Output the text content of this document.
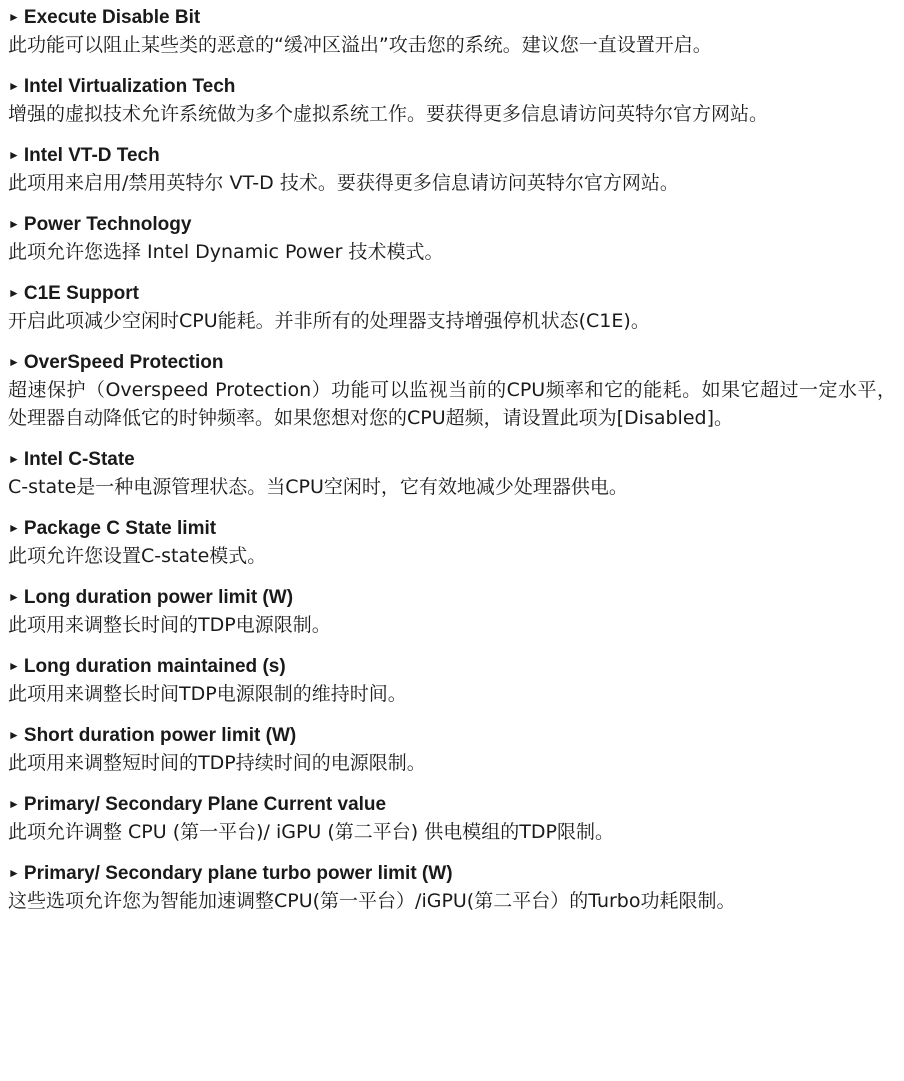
► Execute Disable Bit

此功能可以阻止某些类的恶意的“缓冲区溢出”攻击您的系统。建议您一直设置开启。

► Intel Virtualization Tech

增强的虚拟技术允许系统做为多个虚拟系统工作。要获得更多信息请访问英特尔官方网站。

► Intel VT-D Tech

此项用来启用/禁用英特尔 VT-D 技术。要获得更多信息请访问英特尔官方网站。

► Power Technology

此项允许您选择 Intel Dynamic Power 技术模式。

► C1E Support

开启此项减少空闲时CPU能耗。并非所有的处理器支持增强停机状态(C1E)。

► OverSpeed Protection

超速保护（Overspeed Protection）功能可以监视当前的CPU频率和它的能耗。如果它超过一定水平，处理器自动降低它的时钟频率。如果您想对您的CPU超频，请设置此项为[Disabled]。

► Intel C-State

C-state是一种电源管理状态。当CPU空闲时，它有效地减少处理器供电。

► Package C State limit

此项允许您设置C-state模式。

► Long duration power limit (W)

此项用来调整长时间的TDP电源限制。

► Long duration maintained (s)

此项用来调整长时间TDP电源限制的维持时间。

► Short duration power limit (W)

此项用来调整短时间的TDP持续时间的电源限制。

► Primary/ Secondary Plane Current value

此项允许调整 CPU (第一平台)/ iGPU (第二平台) 供电模组的TDP限制。

► Primary/ Secondary plane turbo power limit (W)

这些选项允许您为智能加速调整CPU(第一平台）/iGPU(第二平台）的Turbo功耗限制。
